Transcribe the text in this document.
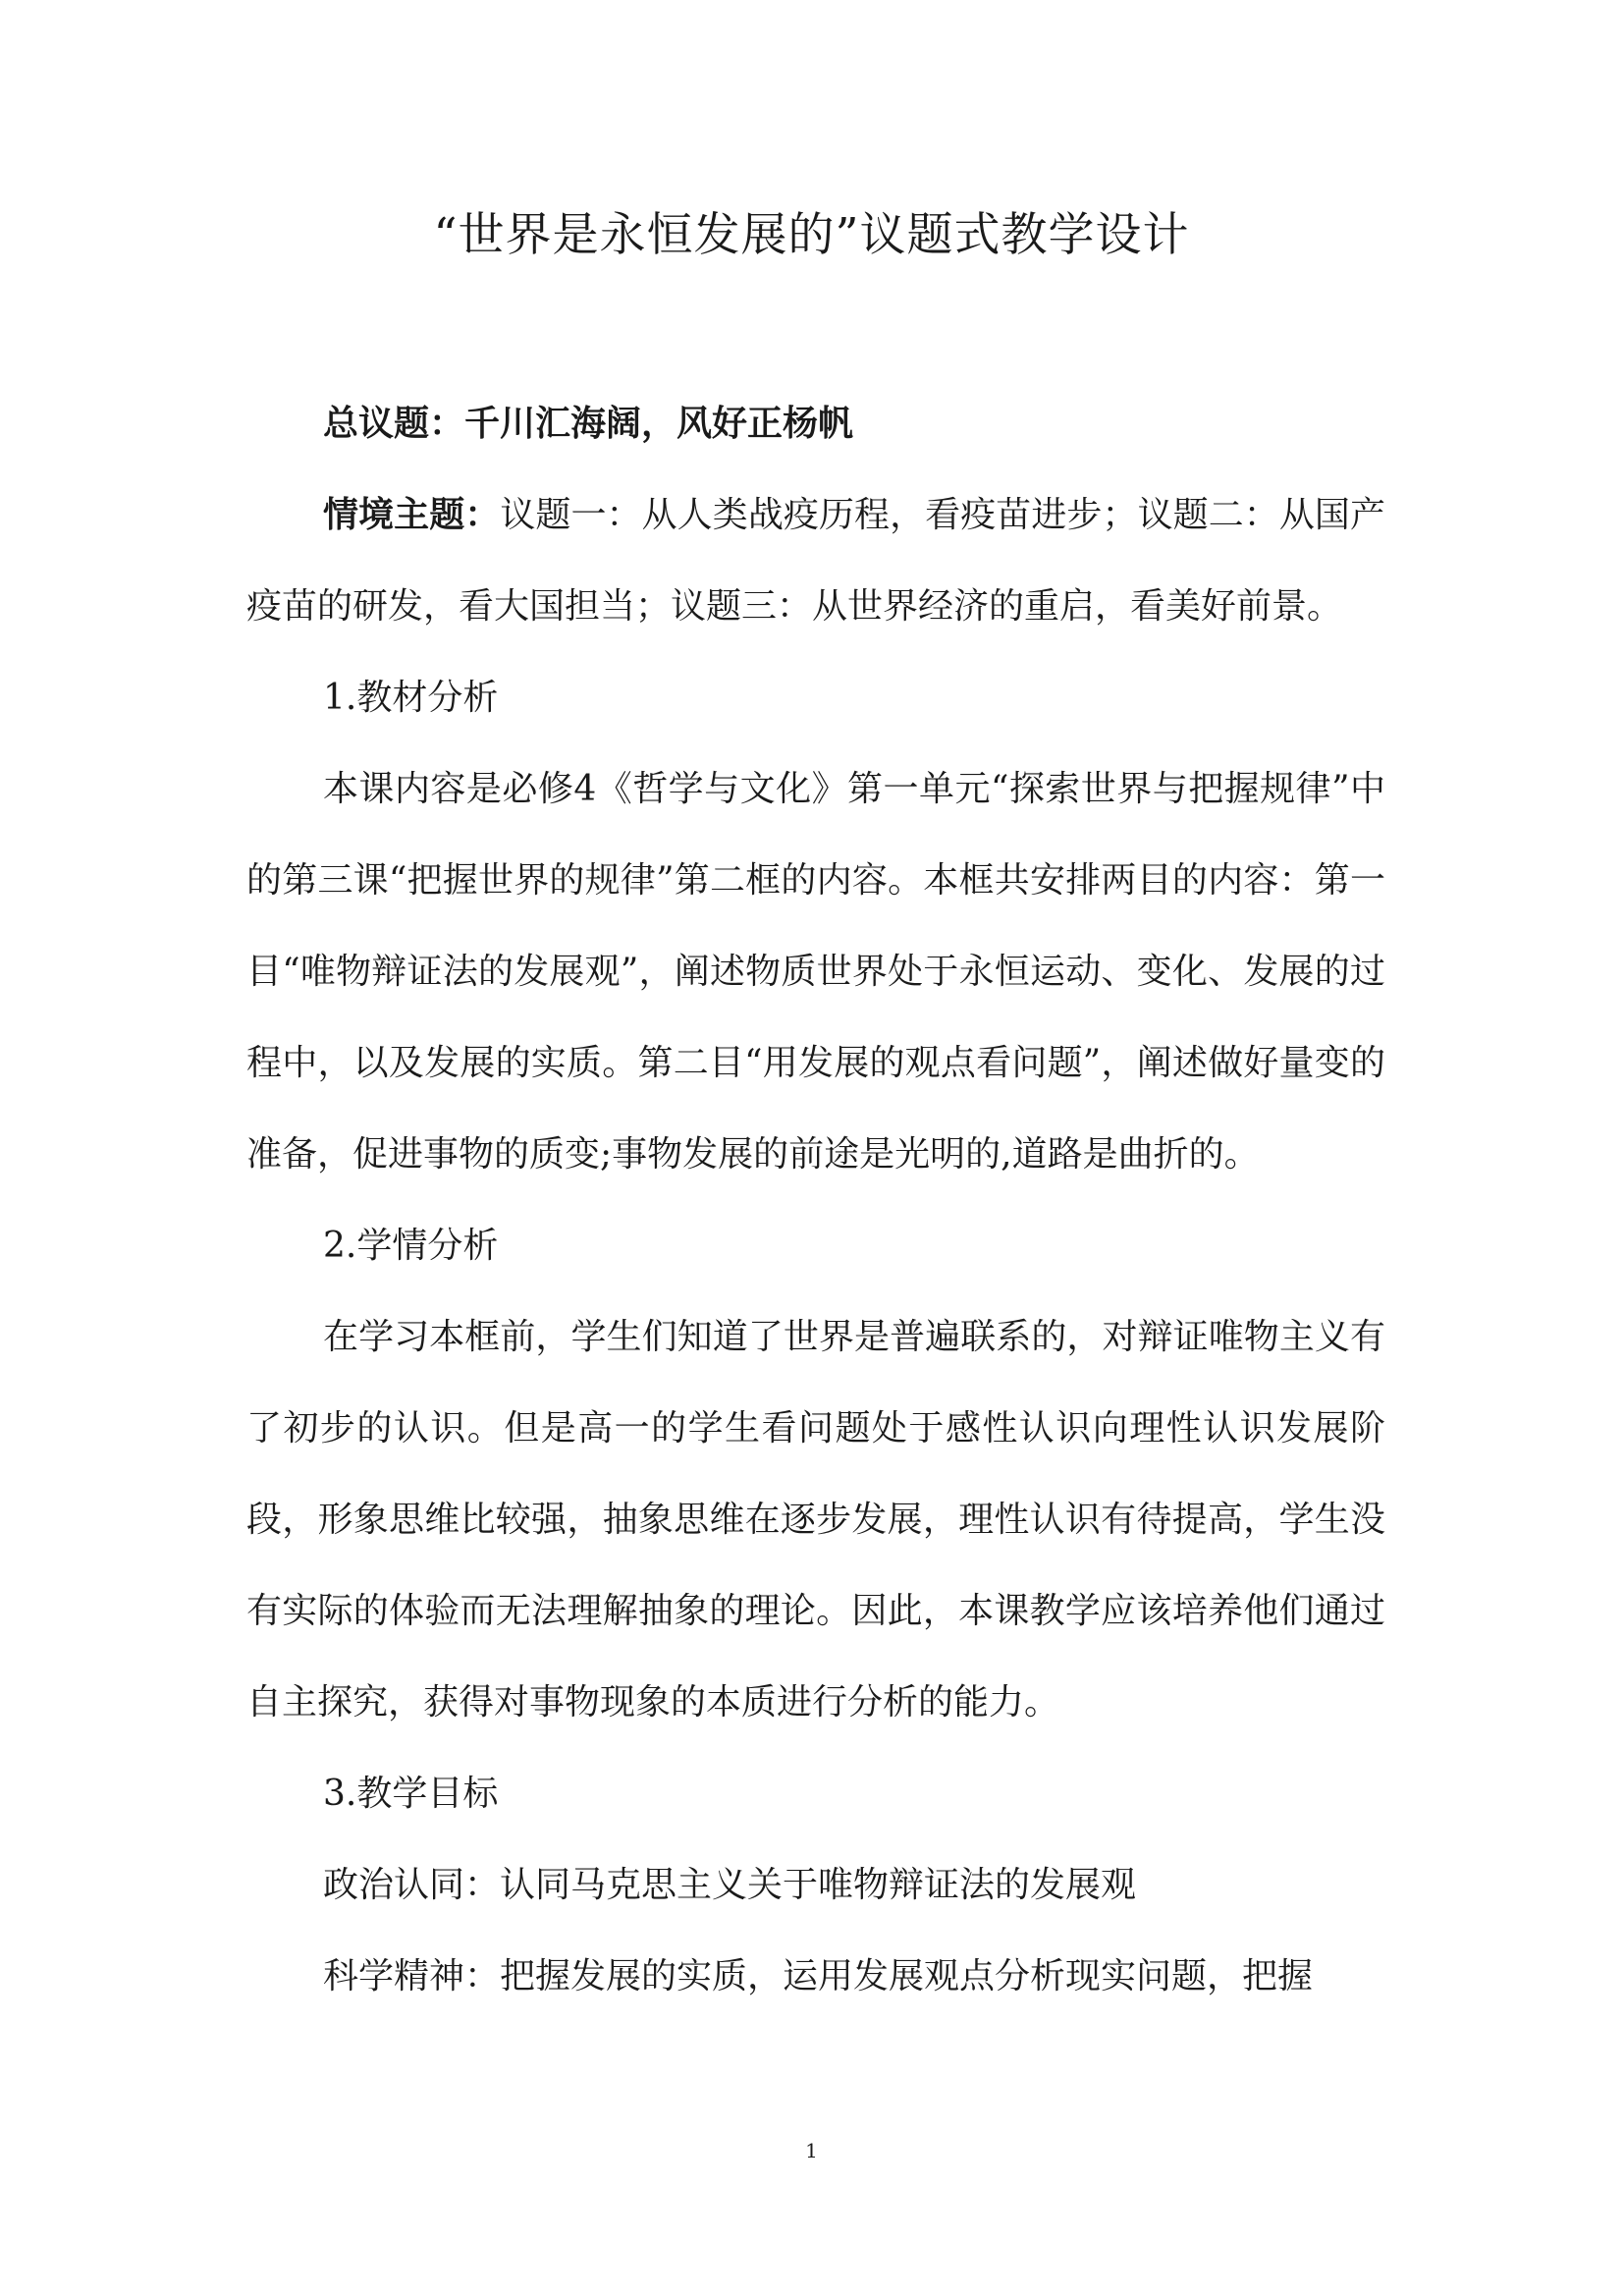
“世界是永恒发展的”议题式教学设计

总议题：千川汇海阔，风好正杨帆

情境主题：议题一：从人类战疫历程，看疫苗进步；议题二：从国产疫苗的研发，看大国担当；议题三：从世界经济的重启，看美好前景。

1.教材分析

本课内容是必修4《哲学与文化》第一单元“探索世界与把握规律”中的第三课“把握世界的规律”第二框的内容。本框共安排两目的内容：第一目“唯物辩证法的发展观”，阐述物质世界处于永恒运动、变化、发展的过程中，以及发展的实质。第二目“用发展的观点看问题”，阐述做好量变的准备，促进事物的质变;事物发展的前途是光明的,道路是曲折的。

2.学情分析

在学习本框前，学生们知道了世界是普遍联系的，对辩证唯物主义有了初步的认识。但是高一的学生看问题处于感性认识向理性认识发展阶段，形象思维比较强，抽象思维在逐步发展，理性认识有待提高，学生没有实际的体验而无法理解抽象的理论。因此，本课教学应该培养他们通过自主探究，获得对事物现象的本质进行分析的能力。

3.教学目标

政治认同：认同马克思主义关于唯物辩证法的发展观

科学精神：把握发展的实质，运用发展观点分析现实问题，把握

1
